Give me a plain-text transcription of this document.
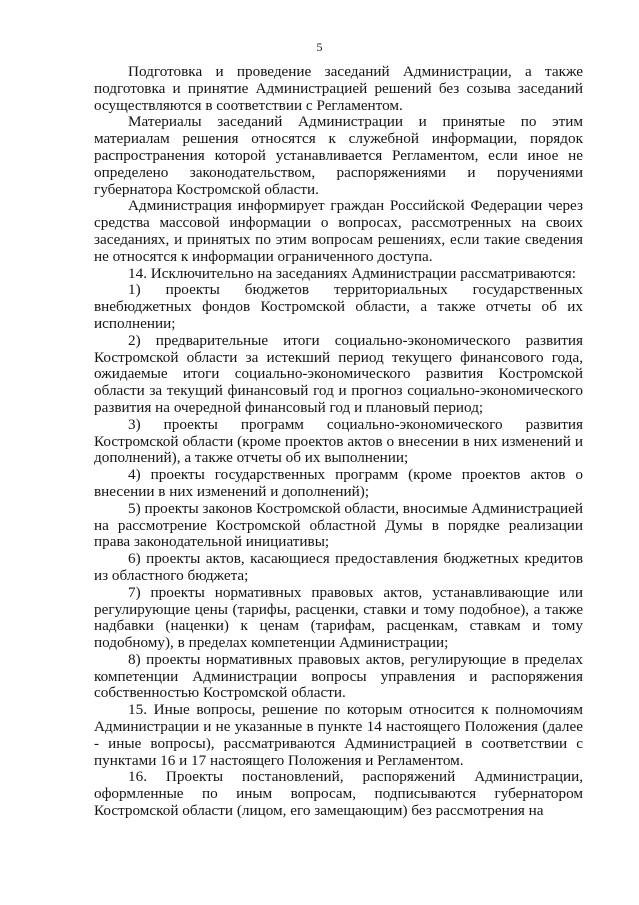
5

Подготовка и проведение заседаний Администрации, а также подготовка и принятие Администрацией решений без созыва заседаний осуществляются в соответствии с Регламентом.

Материалы заседаний Администрации и принятые по этим материалам решения относятся к служебной информации, порядок распространения которой устанавливается Регламентом, если иное не определено законодательством, распоряжениями и поручениями губернатора Костромской области.

Администрация информирует граждан Российской Федерации через средства массовой информации о вопросах, рассмотренных на своих заседаниях, и принятых по этим вопросам решениях, если такие сведения не относятся к информации ограниченного доступа.

14. Исключительно на заседаниях Администрации рассматриваются:

1) проекты бюджетов территориальных государственных внебюджетных фондов Костромской области, а также отчеты об их исполнении;

2) предварительные итоги социально-экономического развития Костромской области за истекший период текущего финансового года, ожидаемые итоги социально-экономического развития Костромской области за текущий финансовый год и прогноз социально-экономического развития на очередной финансовый год и плановый период;

3) проекты программ социально-экономического развития Костромской области (кроме проектов актов о внесении в них изменений и дополнений), а также отчеты об их выполнении;

4) проекты государственных программ (кроме проектов актов о внесении в них изменений и дополнений);

5) проекты законов Костромской области, вносимые Администрацией на рассмотрение Костромской областной Думы в порядке реализации права законодательной инициативы;

6) проекты актов, касающиеся предоставления бюджетных кредитов из областного бюджета;

7) проекты нормативных правовых актов, устанавливающие или регулирующие цены (тарифы, расценки, ставки и тому подобное), а также надбавки (наценки) к ценам (тарифам, расценкам, ставкам и тому подобному), в пределах компетенции Администрации;

8) проекты нормативных правовых актов, регулирующие в пределах компетенции Администрации вопросы управления и распоряжения собственностью Костромской области.

15. Иные вопросы, решение по которым относится к полномочиям Администрации и не указанные в пункте 14 настоящего Положения (далее - иные вопросы), рассматриваются Администрацией в соответствии с пунктами 16 и 17 настоящего Положения и Регламентом.

16. Проекты постановлений, распоряжений Администрации, оформленные по иным вопросам, подписываются губернатором Костромской области (лицом, его замещающим) без рассмотрения на
